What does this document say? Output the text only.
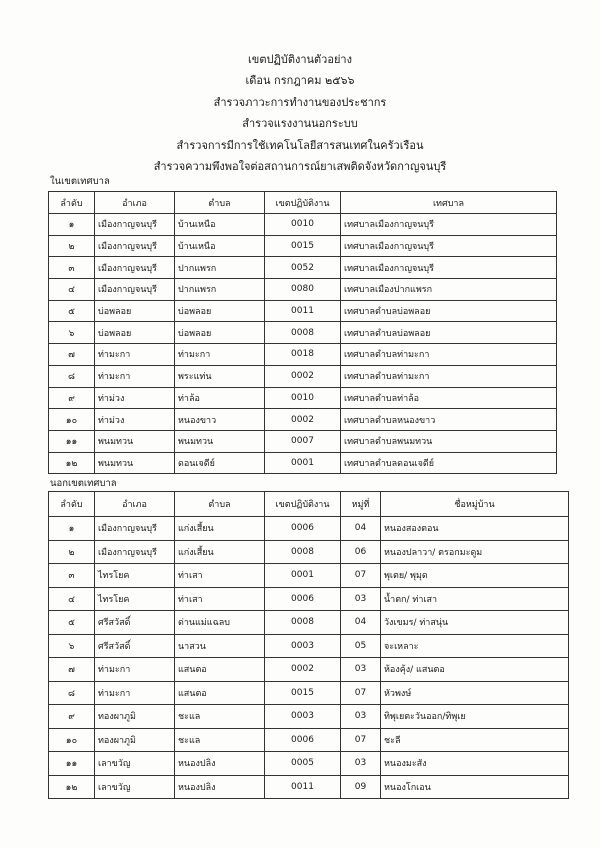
เขตปฏิบัติงานตัวอย่าง
เดือน กรกฎาคม ๒๕๖๖
สำรวจภาวะการทำงานของประชากร
สำรวจแรงงานนอกระบบ
สำรวจการมีการใช้เทคโนโลยีสารสนเทศในครัวเรือน
สำรวจความพึงพอใจต่อสถานการณ์ยาเสพติดจังหวัดกาญจนบุรี
ในเขตเทศบาล
ลำดับ	อำเภอ	ตำบล	เขตปฏิบัติงาน	เทศบาล
๑	เมืองกาญจนบุรี	บ้านเหนือ	0010	เทศบาลเมืองกาญจนบุรี
๒	เมืองกาญจนบุรี	บ้านเหนือ	0015	เทศบาลเมืองกาญจนบุรี
๓	เมืองกาญจนบุรี	ปากแพรก	0052	เทศบาลเมืองกาญจนบุรี
๔	เมืองกาญจนบุรี	ปากแพรก	0080	เทศบาลเมืองปากแพรก
๕	บ่อพลอย	บ่อพลอย	0011	เทศบาลตำบลบ่อพลอย
๖	บ่อพลอย	บ่อพลอย	0008	เทศบาลตำบลบ่อพลอย
๗	ท่ามะกา	ท่ามะกา	0018	เทศบาลตำบลท่ามะกา
๘	ท่ามะกา	พระแท่น	0002	เทศบาลตำบลท่ามะกา
๙	ท่าม่วง	ท่าล้อ	0010	เทศบาลตำบลท่าล้อ
๑๐	ท่าม่วง	หนองขาว	0002	เทศบาลตำบลหนองขาว
๑๑	พนมทวน	พนมทวน	0007	เทศบาลตำบลพนมทวน
๑๒	พนมทวน	ดอนเจดีย์	0001	เทศบาลตำบลดอนเจดีย์
นอกเขตเทศบาล
ลำดับ	อำเภอ	ตำบล	เขตปฏิบัติงาน	หมู่ที่	ชื่อหมู่บ้าน
๑	เมืองกาญจนบุรี	แก่งเสี้ยน	0006	04	หนองสองตอน
๒	เมืองกาญจนบุรี	แก่งเสี้ยน	0008	06	หนองปลาวา/ ตรอกมะดูม
๓	ไทรโยค	ท่าเสา	0001	07	พุเตย/ พุมุด
๔	ไทรโยค	ท่าเสา	0006	03	น้ำตก/ ท่าเสา
๕	ศรีสวัสดิ์	ด่านแม่แฉลบ	0008	04	วังเขมร/ ท่าสนุ่น
๖	ศรีสวัสดิ์	นาสวน	0003	05	จะเหลาะ
๗	ท่ามะกา	แสนตอ	0002	03	ห้องคุ้ง/ แสนตอ
๘	ท่ามะกา	แสนตอ	0015	07	หัวพงษ์
๙	ทองผาภูมิ	ชะแล	0003	03	ทิพุเยตะวันออก/ทิพุเย
๑๐	ทองผาภูมิ	ชะแล	0006	07	ชะลี
๑๑	เลาขวัญ	หนองปลิง	0005	03	หนองมะสัง
๑๒	เลาขวัญ	หนองปลิง	0011	09	หนองโกเอน
